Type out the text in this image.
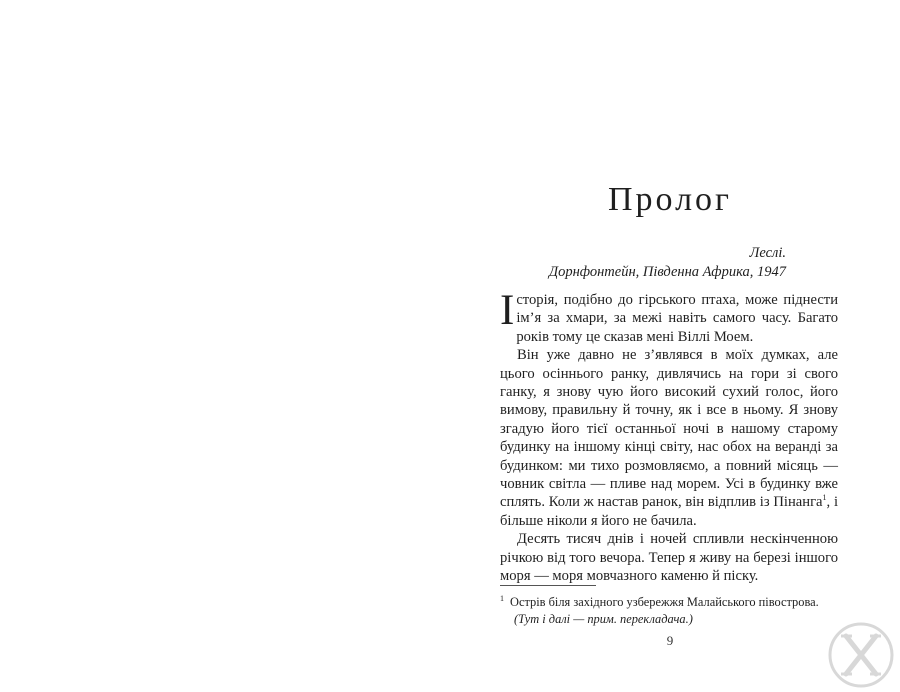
Пролог
Леслі.
Дорнфонтейн, Південна Африка, 1947

Історія, подібно до гірського птаха, може піднести ім’я за хмари, за межі навіть самого часу. Багато років тому це сказав мені Віллі Моем.

Він уже давно не з’являвся в моїх думках, але цього осіннього ранку, дивлячись на гори зі свого ганку, я знову чую його високий сухий голос, його вимову, правильну й точну, як і все в ньому. Я знову згадую його тієї останньої ночі в нашому старому будинку на іншому кінці світу, нас обох на веранді за будинком: ми тихо розмовляємо, а повний місяць — човник світла — пливе над морем. Усі в будинку вже сплять. Коли ж настав ранок, він відплив із Пінанга$^1$, і більше ніколи я його не бачила.

Десять тисяч днів і ночей спливли нескінченною річкою від того вечора. Тепер я живу на березі іншого моря — моря мовчазного каменю й піску.

$^1$ Острів біля західного узбережжя Малайського півострова.
(Тут і далі — прим. перекладача.)
9
